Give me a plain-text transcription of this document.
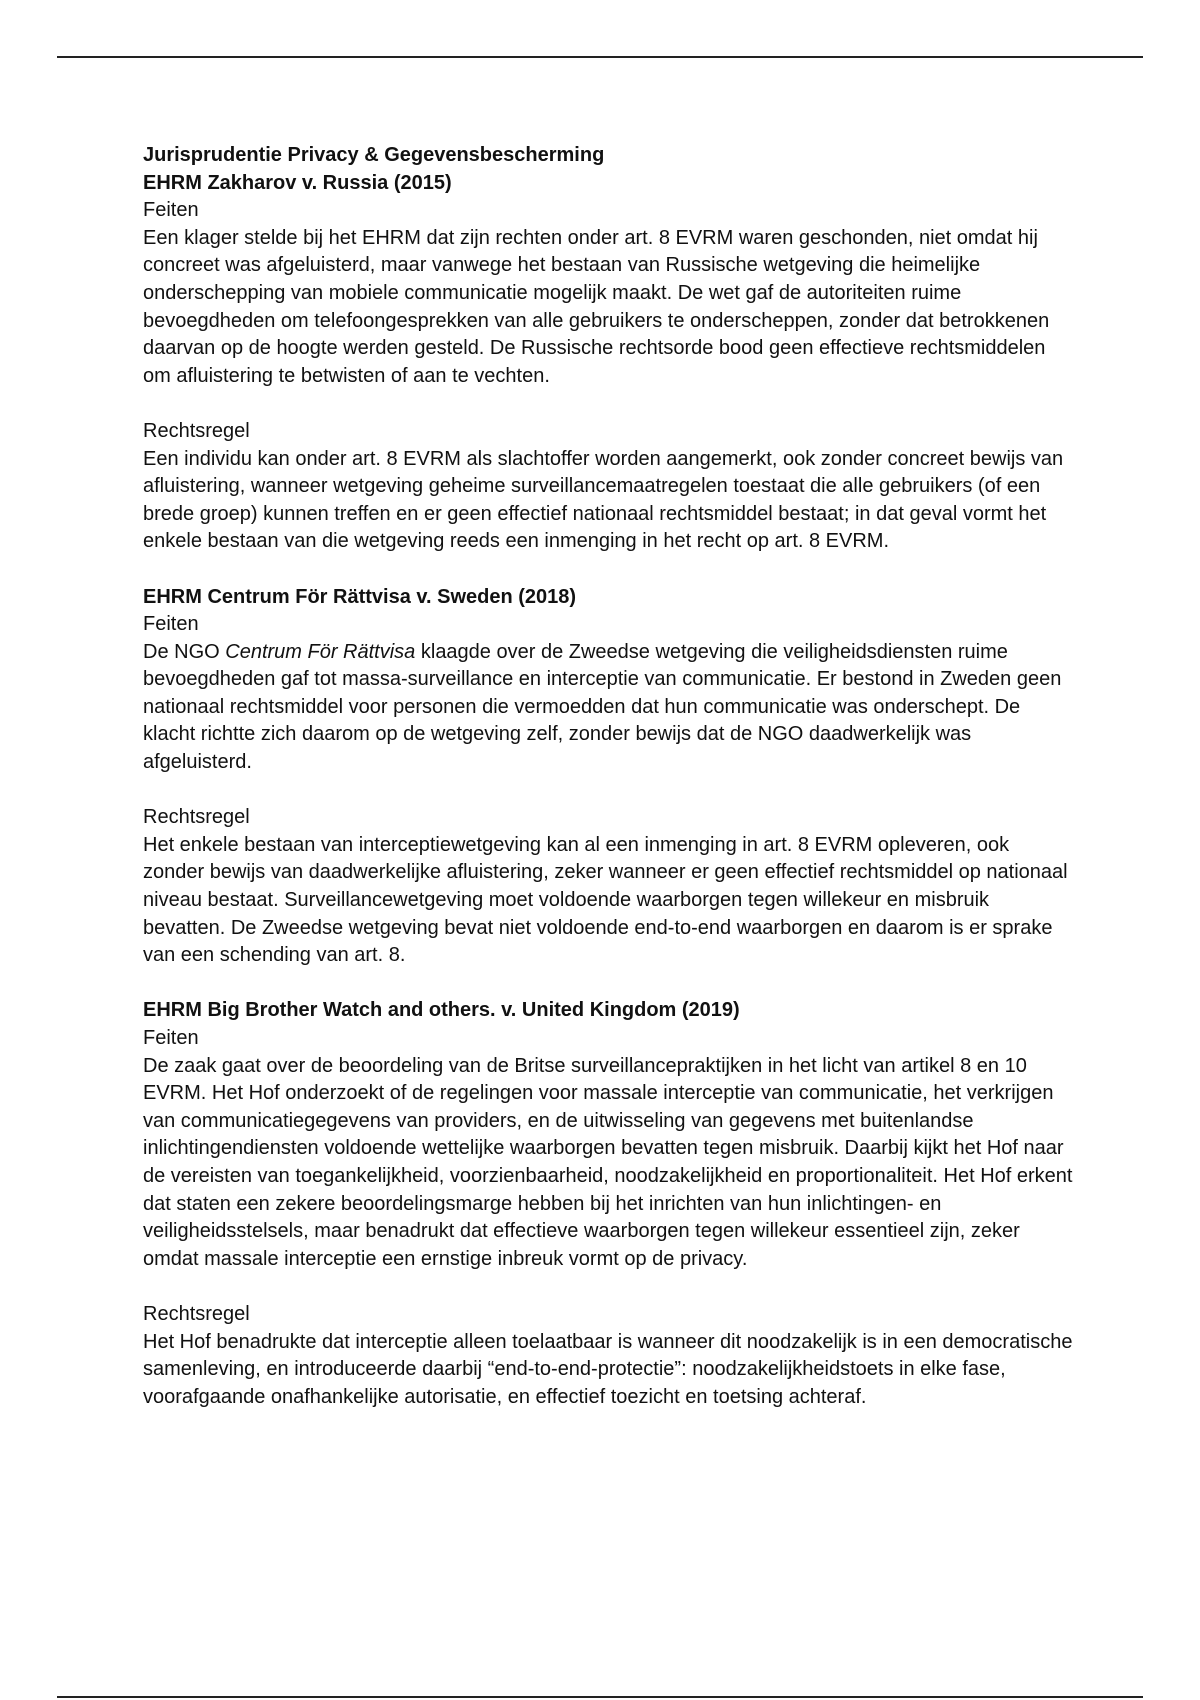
Jurisprudentie Privacy & Gegevensbescherming

EHRM Zakharov v. Russia (2015)

Feiten

Een klager stelde bij het EHRM dat zijn rechten onder art. 8 EVRM waren geschonden, niet omdat hij concreet was afgeluisterd, maar vanwege het bestaan van Russische wetgeving die heimelijke onderschepping van mobiele communicatie mogelijk maakt. De wet gaf de autoriteiten ruime bevoegdheden om telefoongesprekken van alle gebruikers te onderscheppen, zonder dat betrokkenen daarvan op de hoogte werden gesteld. De Russische rechtsorde bood geen effectieve rechtsmiddelen om afluistering te betwisten of aan te vechten.

Rechtsregel

Een individu kan onder art. 8 EVRM als slachtoffer worden aangemerkt, ook zonder concreet bewijs van afluistering, wanneer wetgeving geheime surveillancemaatregelen toestaat die alle gebruikers (of een brede groep) kunnen treffen en er geen effectief nationaal rechtsmiddel bestaat; in dat geval vormt het enkele bestaan van die wetgeving reeds een inmenging in het recht op art. 8 EVRM.

EHRM Centrum För Rättvisa v. Sweden (2018)

Feiten

De NGO Centrum För Rättvisa klaagde over de Zweedse wetgeving die veiligheidsdiensten ruime bevoegdheden gaf tot massa-surveillance en interceptie van communicatie. Er bestond in Zweden geen nationaal rechtsmiddel voor personen die vermoedden dat hun communicatie was onderschept. De klacht richtte zich daarom op de wetgeving zelf, zonder bewijs dat de NGO daadwerkelijk was afgeluisterd.

Rechtsregel

Het enkele bestaan van interceptiewetgeving kan al een inmenging in art. 8 EVRM opleveren, ook zonder bewijs van daadwerkelijke afluistering, zeker wanneer er geen effectief rechtsmiddel op nationaal niveau bestaat. Surveillancewetgeving moet voldoende waarborgen tegen willekeur en misbruik bevatten. De Zweedse wetgeving bevat niet voldoende end-to-end waarborgen en daarom is er sprake van een schending van art. 8.

EHRM Big Brother Watch and others. v. United Kingdom (2019)

Feiten

De zaak gaat over de beoordeling van de Britse surveillancepraktijken in het licht van artikel 8 en 10 EVRM. Het Hof onderzoekt of de regelingen voor massale interceptie van communicatie, het verkrijgen van communicatiegegevens van providers, en de uitwisseling van gegevens met buitenlandse inlichtingendiensten voldoende wettelijke waarborgen bevatten tegen misbruik. Daarbij kijkt het Hof naar de vereisten van toegankelijkheid, voorzienbaarheid, noodzakelijkheid en proportionaliteit. Het Hof erkent dat staten een zekere beoordelingsmarge hebben bij het inrichten van hun inlichtingen- en veiligheidsstelsels, maar benadrukt dat effectieve waarborgen tegen willekeur essentieel zijn, zeker omdat massale interceptie een ernstige inbreuk vormt op de privacy.

Rechtsregel

Het Hof benadrukte dat interceptie alleen toelaatbaar is wanneer dit noodzakelijk is in een democratische samenleving, en introduceerde daarbij “end-to-end-protectie”: noodzakelijkheidstoets in elke fase, voorafgaande onafhankelijke autorisatie, en effectief toezicht en toetsing achteraf.
